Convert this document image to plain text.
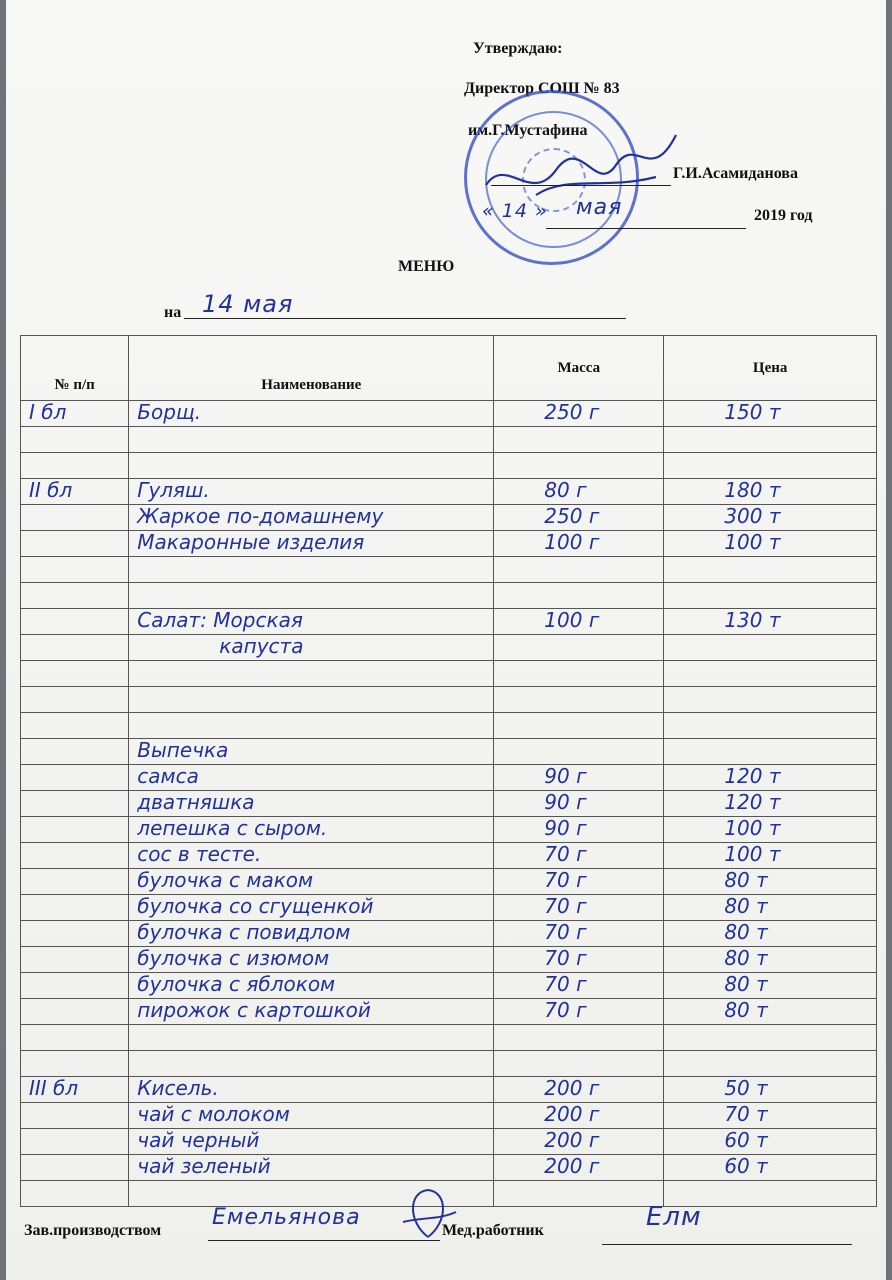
Утверждаю:
Директор СОШ № 83
им.Г.Мустафина
Г.И.Асамиданова
« 14 » мая	2019 год
МЕНЮ
на 14 мая
№ п/п	Наименование	Масса	Цена

I бл	Борщ.	250 г	150 т

II бл	Гуляш.	80 г	180 т

	Жаркое по-домашнему	250 г	300 т

	Макаронные изделия	100 г	100 т

	Салат: Морская	100 г	130 т

	капуста		

	Выпечка		

	самса	90 г	120 т

	дватняшка	90 г	120 т

	лепешка с сыром.	90 г	100 т

	сос в тесте.	70 г	100 т

	булочка с маком	70 г	80 т

	булочка со сгущенкой	70 г	80 т

	булочка с повидлом	70 г	80 т

	булочка с изюмом	70 г	80 т

	булочка с яблоком	70 г	80 т

	пирожок с картошкой	70 г	80 т

III бл	Кисель.	200 г	50 т

	чай с молоком	200 г	70 т

	чай черный	200 г	60 т

	чай зеленый	200 г	60 т

Зав.производством
Емельянова
Мед.работник	Елм
